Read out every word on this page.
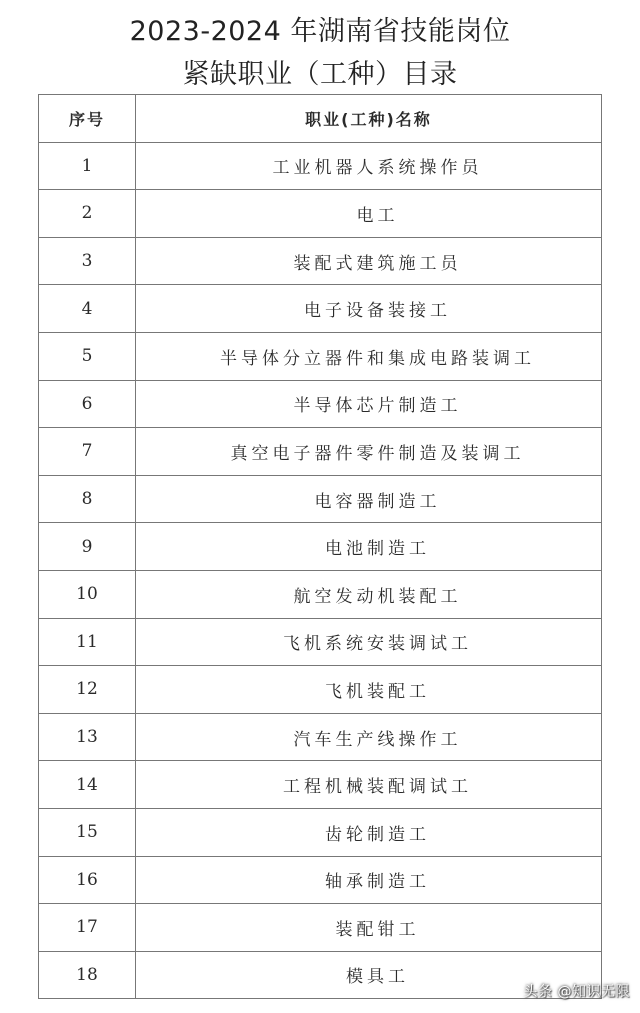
2023-2024 年湖南省技能岗位
紧缺职业（工种）目录
序号	职业(工种)名称
1	工业机器人系统操作员
2	电工
3	装配式建筑施工员
4	电子设备装接工
5	半导体分立器件和集成电路装调工
6	半导体芯片制造工
7	真空电子器件零件制造及装调工
8	电容器制造工
9	电池制造工
10	航空发动机装配工
11	飞机系统安装调试工
12	飞机装配工
13	汽车生产线操作工
14	工程机械装配调试工
15	齿轮制造工
16	轴承制造工
17	装配钳工
18	模具工
头条 @知识无限
